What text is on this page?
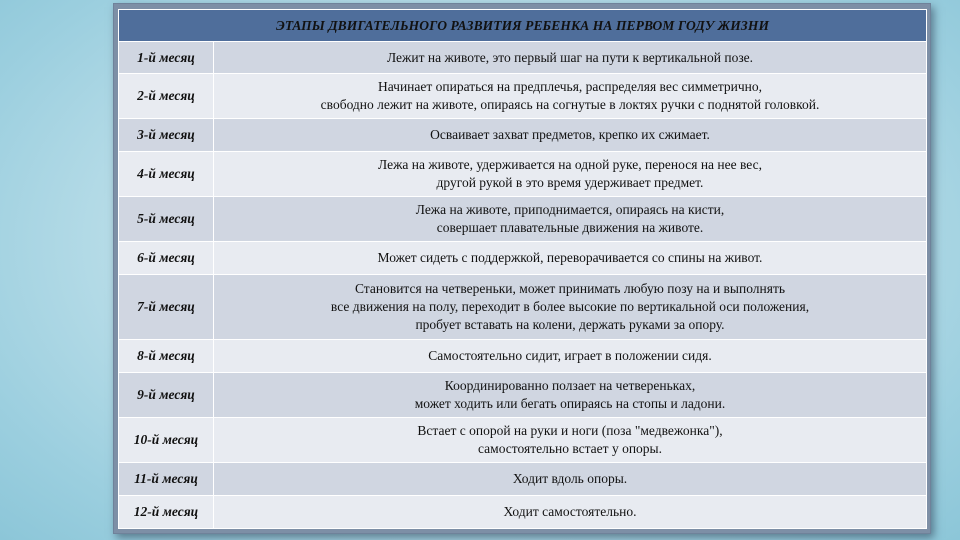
ЭТАПЫ ДВИГАТЕЛЬНОГО РАЗВИТИЯ РЕБЕНКА НА ПЕРВОМ ГОДУ ЖИЗНИ	
1-й месяц	Лежит на животе, это первый шаг на пути к вертикальной позе.

2-й месяц	Начинает опираться на предплечья, распределяя вес симметрично,
свободно лежит на животе, опираясь на согнутые в локтях ручки с поднятой головкой.

3-й месяц	Осваивает захват предметов, крепко их сжимает.

4-й месяц	Лежа на животе, удерживается на одной руке, перенося на нее вес,
другой рукой в это время удерживает предмет.

5-й месяц	Лежа на животе, приподнимается, опираясь на кисти,
совершает плавательные движения на животе.

6-й месяц	Может сидеть с поддержкой, переворачивается со спины на живот.

7-й месяц	Становится на четвереньки, может принимать любую позу на и выполнять
все движения на полу, переходит в более высокие по вертикальной оси положения,
пробует вставать на колени, держать руками за опору.

8-й месяц	Самостоятельно сидит, играет в положении сидя.

9-й месяц	Координированно ползает на четвереньках,
может ходить или бегать опираясь на стопы и ладони.

10-й месяц	Встает с опорой на руки и ноги (поза "медвежонка"),
самостоятельно встает у опоры.

11-й месяц	Ходит вдоль опоры.

12-й месяц	Ходит самостоятельно.
